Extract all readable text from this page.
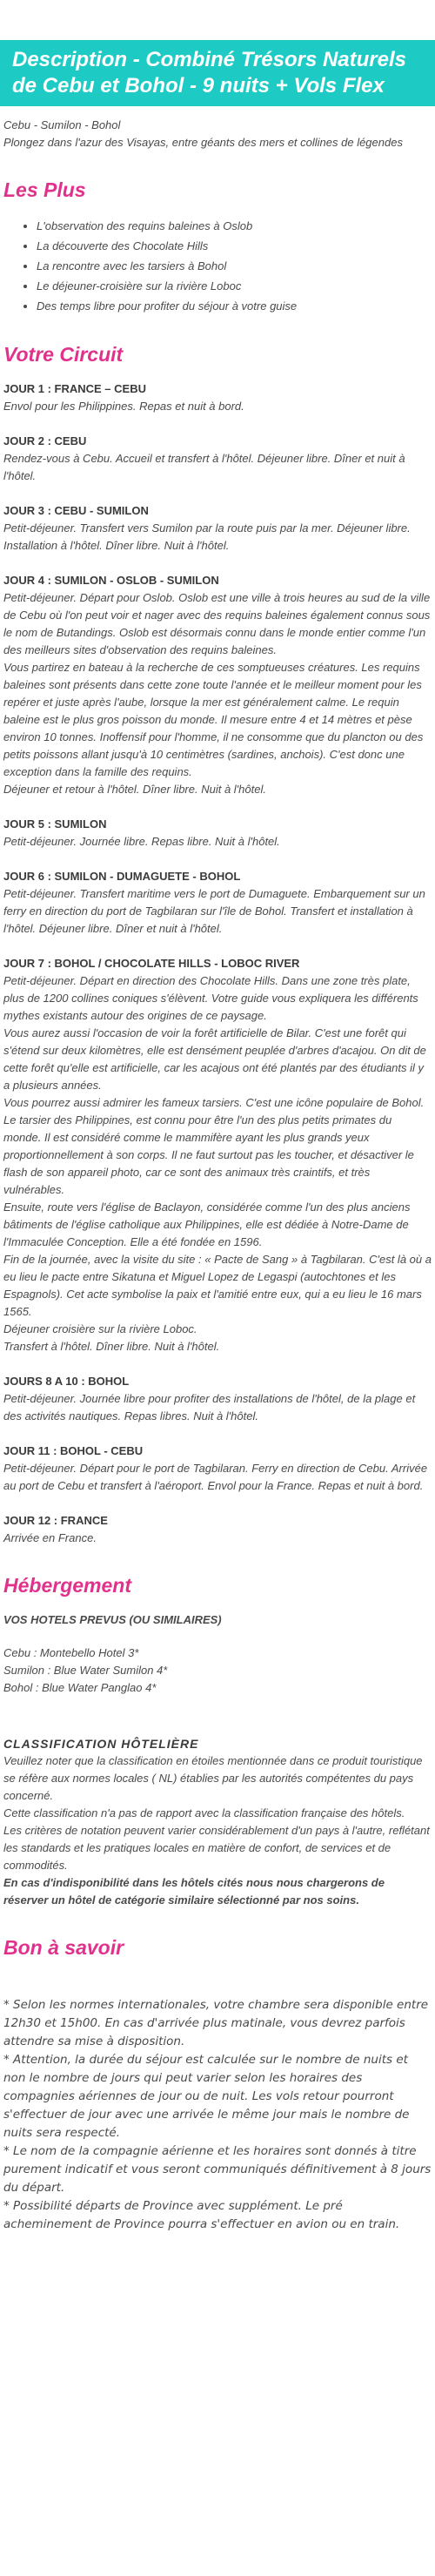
Description - Combiné Trésors Naturels de Cebu et Bohol - 9 nuits + Vols Flex
Cebu - Sumilon - Bohol
Plongez dans l'azur des Visayas, entre géants des mers et collines de légendes
Les Plus
• L'observation des requins baleines à Oslob
• La découverte des Chocolate Hills
• La rencontre avec les tarsiers à Bohol
• Le déjeuner-croisière sur la rivière Loboc
• Des temps libre pour profiter du séjour à votre guise
Votre Circuit
JOUR 1 : FRANCE – CEBU

Envol pour les Philippines. Repas et nuit à bord.

JOUR 2 : CEBU

Rendez-vous à Cebu. Accueil et transfert à l'hôtel. Déjeuner libre. Dîner et nuit à l'hôtel.

JOUR 3 : CEBU - SUMILON

Petit-déjeuner. Transfert vers Sumilon par la route puis par la mer. Déjeuner libre. Installation à l'hôtel. Dîner libre. Nuit à l'hôtel.

JOUR 4 : SUMILON - OSLOB - SUMILON

Petit-déjeuner. Départ pour Oslob. Oslob est une ville à trois heures au sud de la ville de Cebu où l'on peut voir et nager avec des requins baleines également connus sous le nom de Butandings. Oslob est désormais connu dans le monde entier comme l'un des meilleurs sites d'observation des requins baleines.

Vous partirez en bateau à la recherche de ces somptueuses créatures. Les requins baleines sont présents dans cette zone toute l'année et le meilleur moment pour les repérer et juste après l'aube, lorsque la mer est généralement calme. Le requin baleine est le plus gros poisson du monde. Il mesure entre 4 et 14 mètres et pèse environ 10 tonnes. Inoffensif pour l'homme, il ne consomme que du plancton ou des petits poissons allant jusqu'à 10 centimètres (sardines, anchois). C'est donc une exception dans la famille des requins.

Déjeuner et retour à l'hôtel. Dîner libre. Nuit à l'hôtel.

JOUR 5 : SUMILON

Petit-déjeuner. Journée libre. Repas libre. Nuit à l'hôtel.

JOUR 6 : SUMILON - DUMAGUETE - BOHOL

Petit-déjeuner. Transfert maritime vers le port de Dumaguete. Embarquement sur un ferry en direction du port de Tagbilaran sur l'île de Bohol. Transfert et installation à l'hôtel. Déjeuner libre. Dîner et nuit à l'hôtel.

JOUR 7 : BOHOL / CHOCOLATE HILLS - LOBOC RIVER

Petit-déjeuner. Départ en direction des Chocolate Hills. Dans une zone très plate, plus de 1200 collines coniques s'élèvent. Votre guide vous expliquera les différents mythes existants autour des origines de ce paysage.

Vous aurez aussi l'occasion de voir la forêt artificielle de Bilar. C'est une forêt qui s'étend sur deux kilomètres, elle est densément peuplée d'arbres d'acajou. On dit de cette forêt qu'elle est artificielle, car les acajous ont été plantés par des étudiants il y a plusieurs années.

Vous pourrez aussi admirer les fameux tarsiers. C'est une icône populaire de Bohol. Le tarsier des Philippines, est connu pour être l'un des plus petits primates du monde. Il est considéré comme le mammifère ayant les plus grands yeux proportionnellement à son corps. Il ne faut surtout pas les toucher, et désactiver le flash de son appareil photo, car ce sont des animaux très craintifs, et très vulnérables.

Ensuite, route vers l'église de Baclayon, considérée comme l'un des plus anciens bâtiments de l'église catholique aux Philippines, elle est dédiée à Notre-Dame de l'Immaculée Conception. Elle a été fondée en 1596.

Fin de la journée, avec la visite du site : « Pacte de Sang » à Tagbilaran. C'est là où a eu lieu le pacte entre Sikatuna et Miguel Lopez de Legaspi (autochtones et les Espagnols). Cet acte symbolise la paix et l'amitié entre eux, qui a eu lieu le 16 mars 1565.

Déjeuner croisière sur la rivière Loboc.

Transfert à l'hôtel. Dîner libre. Nuit à l'hôtel.

JOURS 8 A 10 : BOHOL

Petit-déjeuner. Journée libre pour profiter des installations de l'hôtel, de la plage et des activités nautiques. Repas libres. Nuit à l'hôtel.

JOUR 11 : BOHOL - CEBU

Petit-déjeuner. Départ pour le port de Tagbilaran. Ferry en direction de Cebu. Arrivée au port de Cebu et transfert à l'aéroport. Envol pour la France. Repas et nuit à bord.

JOUR 12 : FRANCE

Arrivée en France.

Hébergement
VOS HOTELS PREVUS (OU SIMILAIRES)
Cebu : Montebello Hotel 3*
Sumilon : Blue Water Sumilon 4*
Bohol : Blue Water Panglao 4*
CLASSIFICATION HÔTELIÈRE

Veuillez noter que la classification en étoiles mentionnée dans ce produit touristique se réfère aux normes locales ( NL) établies par les autorités compétentes du pays concerné.

Cette classification n'a pas de rapport avec la classification française des hôtels.

Les critères de notation peuvent varier considérablement d'un pays à l'autre, reflétant les standards et les pratiques locales en matière de confort, de services et de commodités.

En cas d'indisponibilité dans les hôtels cités nous nous chargerons de réserver un hôtel de catégorie similaire sélectionné par nos soins.

Bon à savoir

* Selon les normes internationales, votre chambre sera disponible entre 12h30 et 15h00. En cas d'arrivée plus matinale, vous devrez parfois attendre sa mise à disposition.

* Attention, la durée du séjour est calculée sur le nombre de nuits et non le nombre de jours qui peut varier selon les horaires des compagnies aériennes de jour ou de nuit. Les vols retour pourront s'effectuer de jour avec une arrivée le même jour mais le nombre de nuits sera respecté.

* Le nom de la compagnie aérienne et les horaires sont donnés à titre purement indicatif et vous seront communiqués définitivement à 8 jours du départ.

* Possibilité départs de Province avec supplément. Le pré acheminement de Province pourra s'effectuer en avion ou en train.
